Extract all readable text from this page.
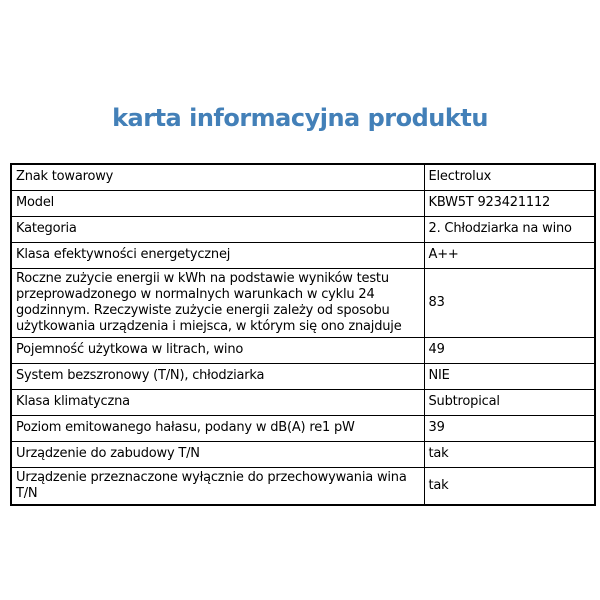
karta informacyjna produktu
Znak towarowy	Electrolux
Model	KBW5T 923421112
Kategoria	2. Chłodziarka na wino
Klasa efektywności energetycznej	A++
Roczne zużycie energii w kWh na podstawie wyników testu przeprowadzonego w normalnych warunkach w cyklu 24 godzinnym. Rzeczywiste zużycie energii zależy od sposobu użytkowania urządzenia i miejsca, w którym się ono znajduje	83
Pojemność użytkowa w litrach, wino	49
System bezszronowy (T/N), chłodziarka	NIE
Klasa klimatyczna	Subtropical
Poziom emitowanego hałasu, podany w dB(A) re1 pW	39
Urządzenie do zabudowy T/N	tak
Urządzenie przeznaczone wyłącznie do przechowywania wina T/N	tak
